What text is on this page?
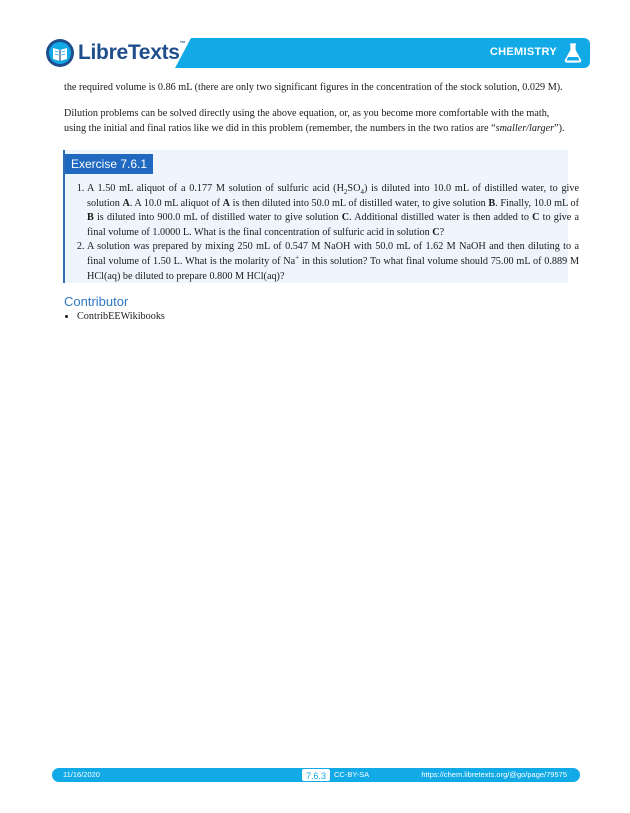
LibreTexts™
CHEMISTRY
the required volume is 0.86 mL (there are only two significant figures in the concentration of the stock solution, 0.029 M).
Dilution problems can be solved directly using the above equation, or, as you become more comfortable with the math, using the initial and final ratios like we did in this problem (remember, the numbers in the two ratios are “smaller/larger”).
Exercise 7.6.1
1. A 1.50 mL aliquot of a 0.177 M solution of sulfuric acid $(H_2SO_4)$ is diluted into 10.0 mL of distilled water, to give solution A. A 10.0 mL aliquot of A is then diluted into 50.0 mL of distilled water, to give solution B. Finally, 10.0 mL of B is diluted into 900.0 mL of distilled water to give solution C. Additional distilled water is then added to C to give a final volume of 1.0000 L. What is the final concentration of sulfuric acid in solution C?
2. A solution was prepared by mixing 250 mL of 0.547 M NaOH with 50.0 mL of 1.62 M NaOH and then diluting to a final volume of 1.50 L. What is the molarity of Na+ in this solution? To what final volume should 75.00 mL of 0.889 M HCl(aq) be diluted to prepare 0.800 M HCl(aq)?
Contributor
• ContribEEWikibooks
11/16/2020	7.6.3	CC-BY-SA	https://chem.libretexts.org/@go/page/79575
